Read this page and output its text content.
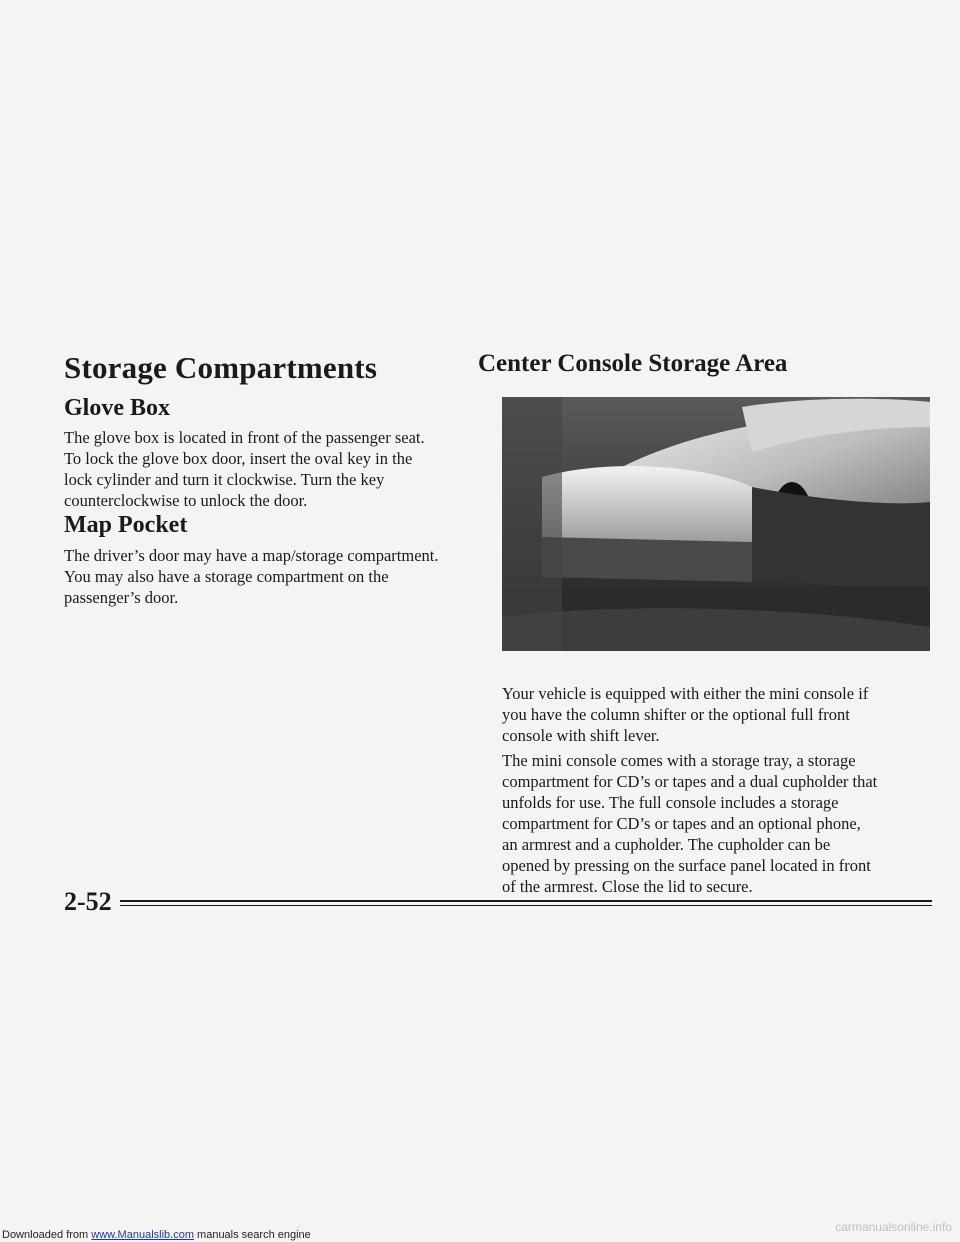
Storage Compartments
Glove Box
The glove box is located in front of the passenger seat.
To lock the glove box door, insert the oval key in the
lock cylinder and turn it clockwise. Turn the key
counterclockwise to unlock the door.
Map Pocket
The driver’s door may have a map/storage compartment.
You may also have a storage compartment on the
passenger’s door.
Center Console Storage Area
Your vehicle is equipped with either the mini console if
you have the column shifter or the optional full front
console with shift lever.
The mini console comes with a storage tray, a storage
compartment for CD’s or tapes and a dual cupholder that
unfolds for use. The full console includes a storage
compartment for CD’s or tapes and an optional phone,
an armrest and a cupholder. The cupholder can be
opened by pressing on the surface panel located in front
of the armrest. Close the lid to secure.
2-52

Downloaded from www.Manualslib.com manuals search engine

carmanualsonline.info
